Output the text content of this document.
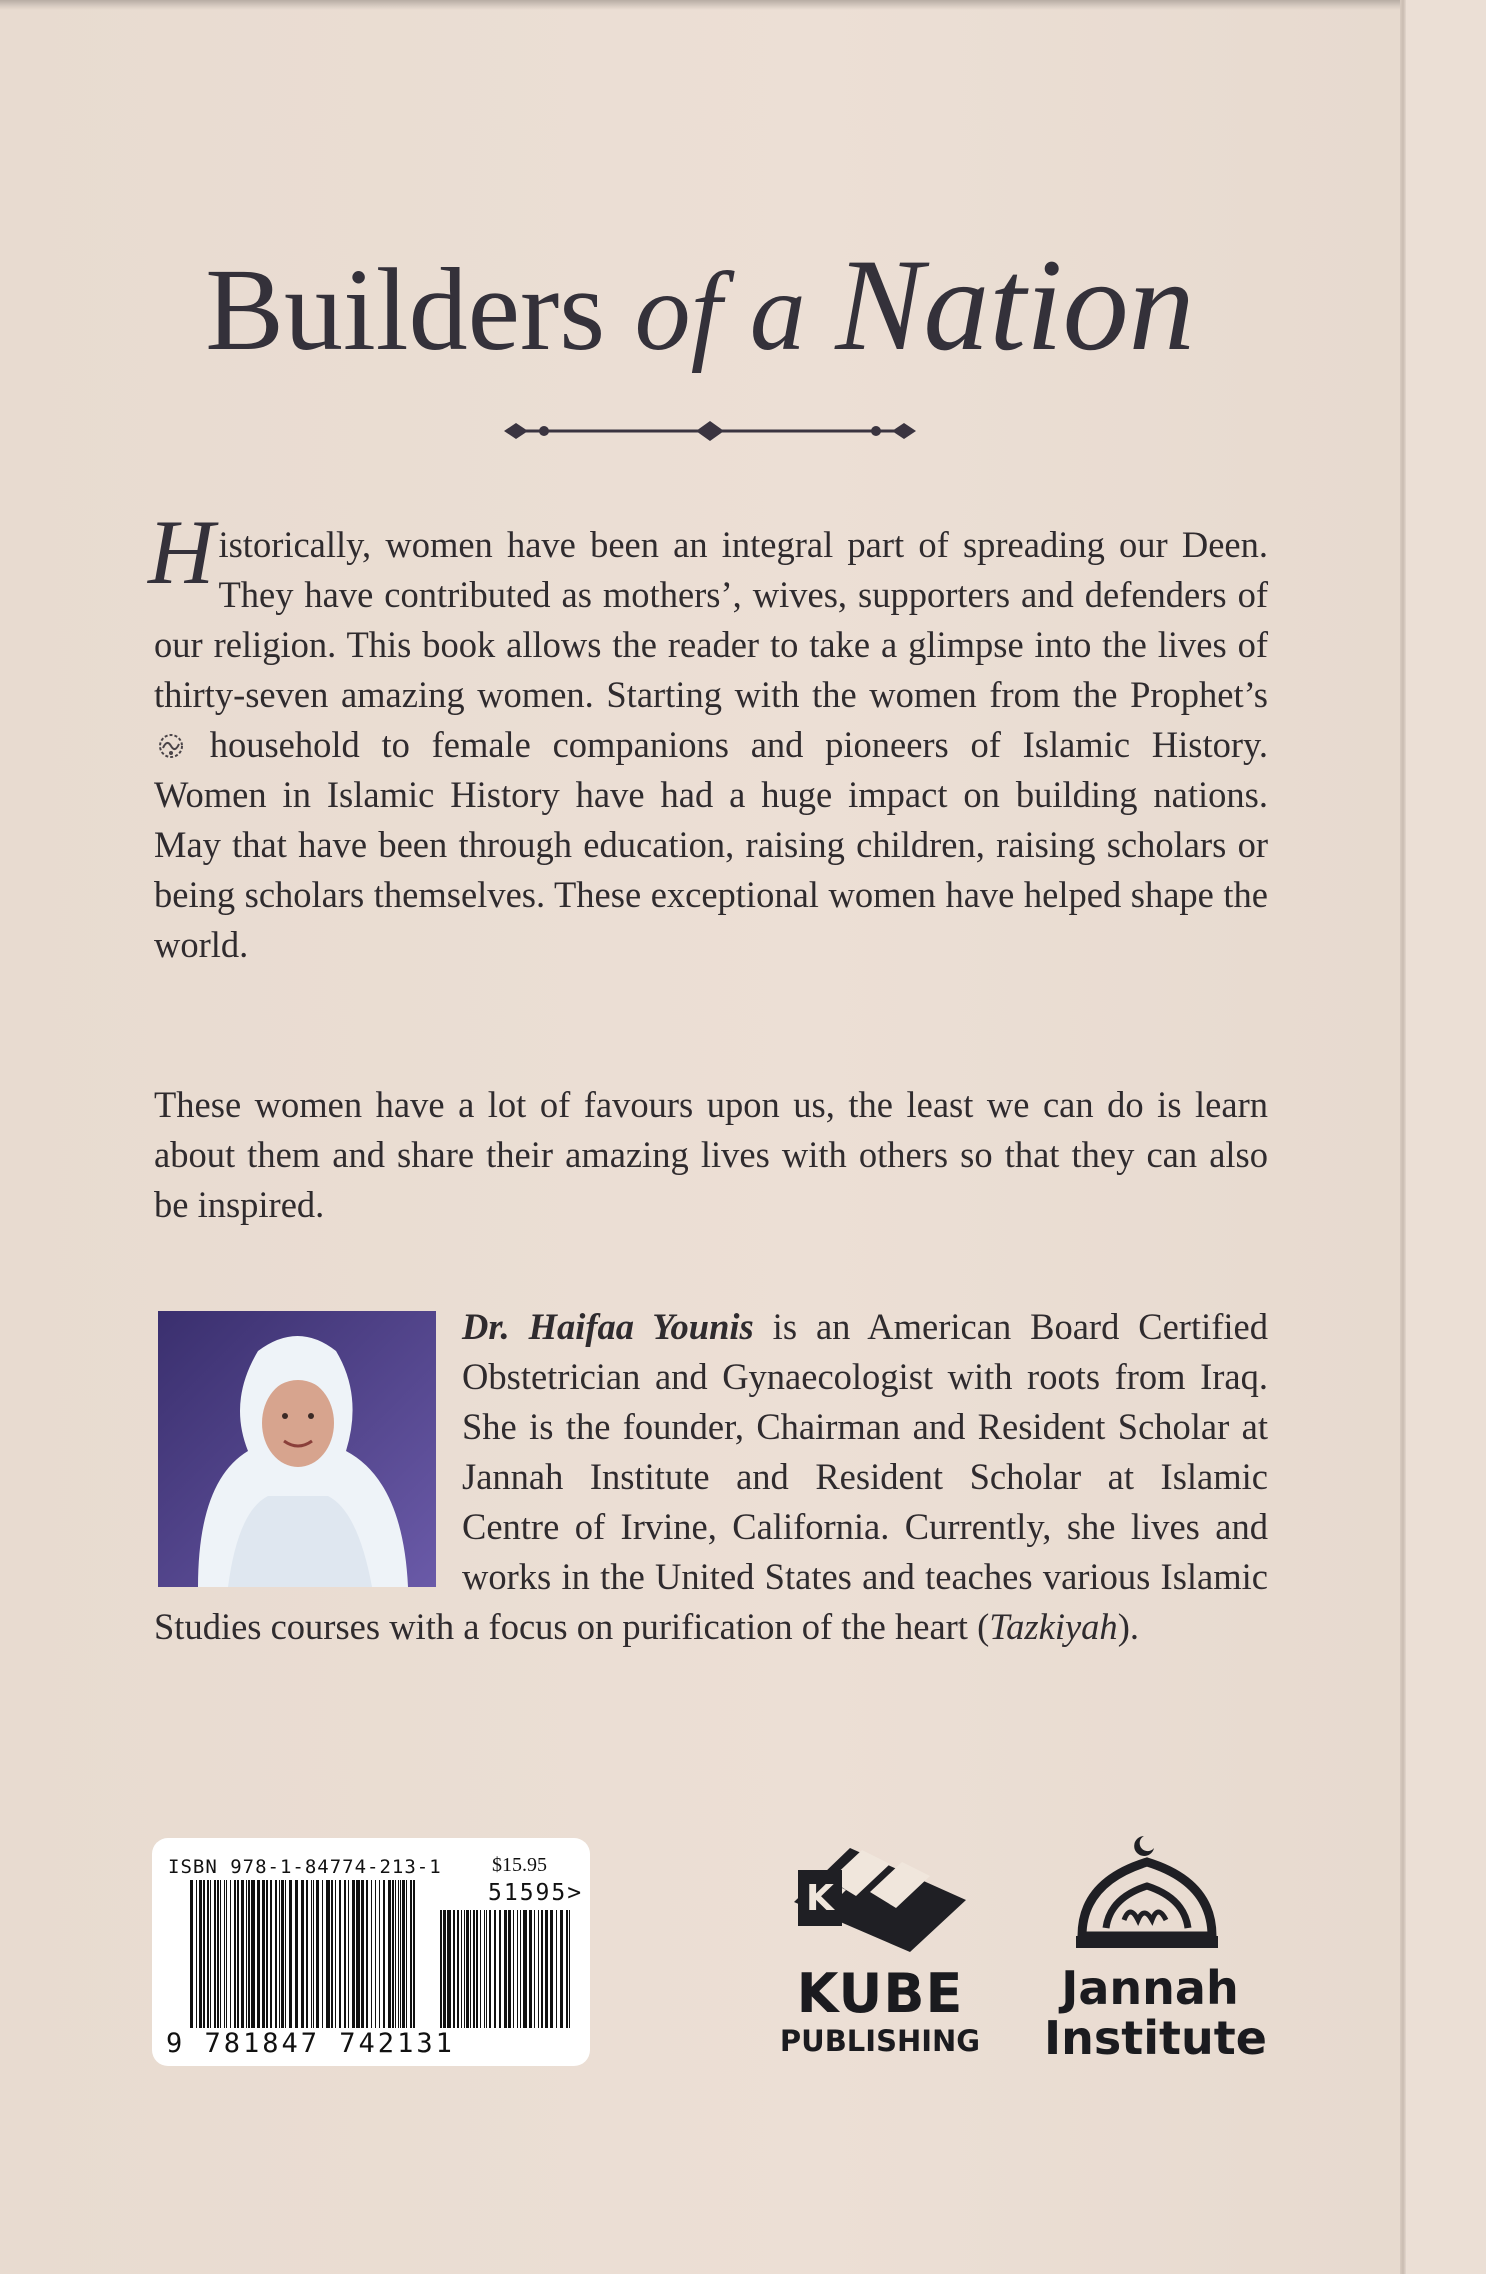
Builders of a Nation

Historically, women have been an integral part of spreading our Deen. They have contributed as mothers’, wives, supporters and defenders of our religion. This book allows the reader to take a glimpse into the lives of thirty-seven amazing women. Starting with the women from the Prophet’s  household to female companions and pioneers of Islamic History. Women in Islamic History have had a huge impact on building nations. May that have been through education, raising children, raising scholars or being scholars themselves. These exceptional women have helped shape the world.

These women have a lot of favours upon us, the least we can do is learn about them and share their amazing lives with others so that they can also be inspired.

Dr. Haifaa Younis is an American Board Certified Obstetrician and Gynaecologist with roots from Iraq. She is the founder, Chairman and Resident Scholar at Jannah Institute and Resident Scholar at Islamic Centre of Irvine, California. Currently, she lives and works in the United States and teaches various Islamic Studies courses with a focus on purification of the heart (Tazkiyah).

ISBN 978-1-84774-213-1	$15.95
51595>
9 781847 742131
K
KUBE
PUBLISHING
Jannah
Institute
